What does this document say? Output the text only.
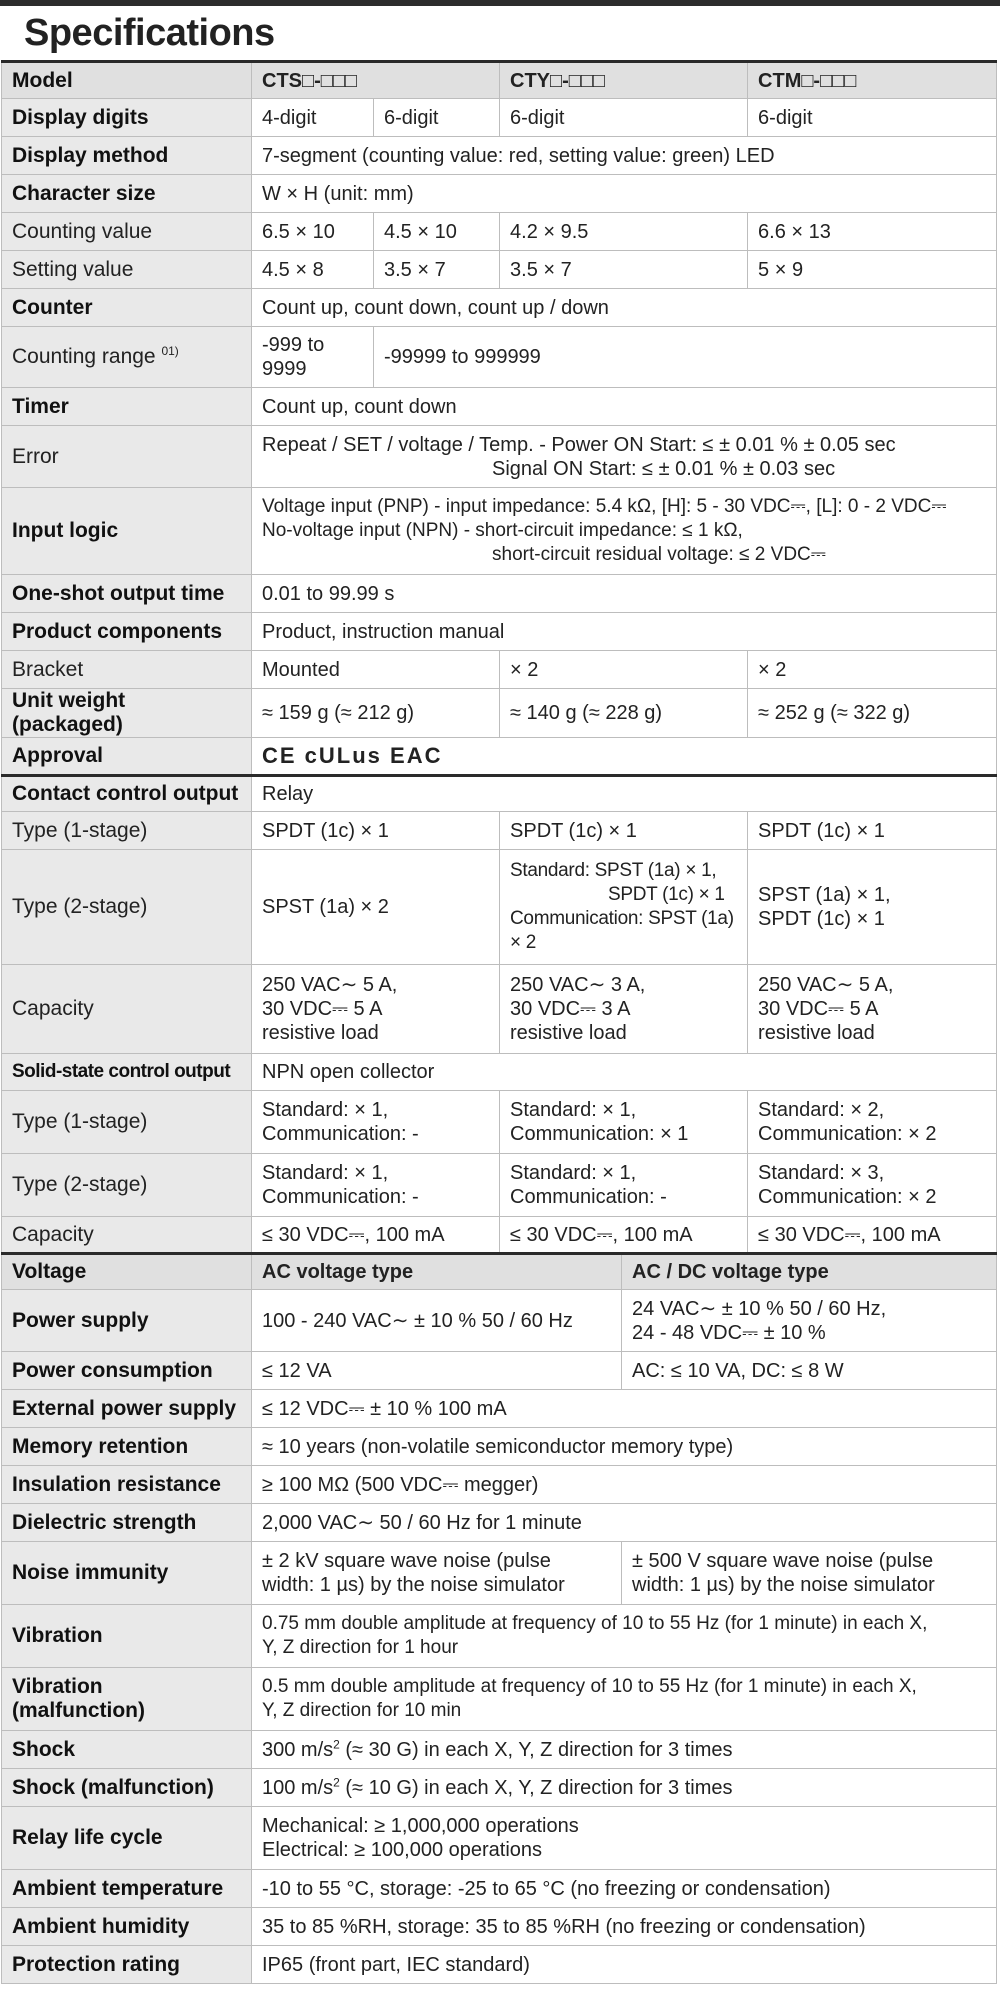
Specifications
Model	CTS□-□□□		CTY□-□□□		CTM□-□□□
Display digits	4-digit	6-digit	6-digit		6-digit
Display method	7-segment (counting value: red, setting value: green) LED				
Character size	W × H (unit: mm)				
Counting value	6.5 × 10	4.5 × 10	4.2 × 9.5		6.6 × 13
Setting value	4.5 × 8	3.5 × 7	3.5 × 7		5 × 9
Counter	Count up, count down, count up / down				
Counting range $^{01)}$	-999 to
9999	-99999 to 999999			
Timer	Count up, count down				
Error	Repeat / SET / voltage / Temp. - Power ON Start: ≤ ± 0.01 % ± 0.05 sec
Signal ON Start: ≤ ± 0.01 % ± 0.03 sec				

Input logic	Voltage input (PNP) - input impedance: 5.4 kΩ, [H]: 5 - 30 VDC⎓, [L]: 0 - 2 VDC⎓
No-voltage input (NPN) - short-circuit impedance: ≤ 1 kΩ,
short-circuit residual voltage: ≤ 2 VDC⎓				

One-shot output time	0.01 to 99.99 s				
Product components	Product, instruction manual				
Bracket	Mounted		× 2		× 2
Unit weight (packaged)	≈ 159 g (≈ 212 g)		≈ 140 g (≈ 228 g)		≈ 252 g (≈ 322 g)
Approval	CE cULus EAC				
Contact control output	Relay				
Type (1-stage)	SPDT (1c) × 1		SPDT (1c) × 1		SPDT (1c) × 1
Type (2-stage)	SPST (1a) × 2		Standard: SPST (1a) × 1,
SPDT (1c) × 1
Communication: SPST (1a)
× 2		SPST (1a) × 1,
SPDT (1c) × 1

Capacity	250 VAC∼ 5 A,
30 VDC⎓ 5 A
resistive load		250 VAC∼ 3 A,
30 VDC⎓ 3 A
resistive load		250 VAC∼ 5 A,
30 VDC⎓ 5 A
resistive load

Solid-state control output	NPN open collector				
Type (1-stage)	Standard: × 1,
Communication: -		Standard: × 1,
Communication: × 1		Standard: × 2,
Communication: × 2

Type (2-stage)	Standard: × 1,
Communication: -		Standard: × 1,
Communication: -		Standard: × 3,
Communication: × 2

Capacity	≤ 30 VDC⎓, 100 mA		≤ 30 VDC⎓, 100 mA		≤ 30 VDC⎓, 100 mA
Voltage	AC voltage type			AC / DC voltage type	
Power supply	100 - 240 VAC∼ ± 10 % 50 / 60 Hz			24 VAC∼ ± 10 % 50 / 60 Hz,
24 - 48 VDC⎓ ± 10 %	

Power consumption	≤ 12 VA			AC: ≤ 10 VA, DC: ≤ 8 W	
External power supply	≤ 12 VDC⎓ ± 10 % 100 mA				
Memory retention	≈ 10 years (non-volatile semiconductor memory type)				
Insulation resistance	≥ 100 MΩ (500 VDC⎓ megger)				
Dielectric strength	2,000 VAC∼ 50 / 60 Hz for 1 minute				
Noise immunity	± 2 kV square wave noise (pulse
width: 1 µs) by the noise simulator			± 500 V square wave noise (pulse
width: 1 µs) by the noise simulator	

Vibration	0.75 mm double amplitude at frequency of 10 to 55 Hz (for 1 minute) in each X,
Y, Z direction for 1 hour				

Vibration
(malfunction)	0.5 mm double amplitude at frequency of 10 to 55 Hz (for 1 minute) in each X,
Y, Z direction for 10 min				

Shock	300 $m/s^2$ (≈ 30 G) in each X, Y, Z direction for 3 times				
Shock (malfunction)	100 $m/s^2$ (≈ 10 G) in each X, Y, Z direction for 3 times				
Relay life cycle	Mechanical: ≥ 1,000,000 operations
Electrical: ≥ 100,000 operations				

Ambient temperature	-10 to 55 °C, storage: -25 to 65 °C (no freezing or condensation)				
Ambient humidity	35 to 85 %RH, storage: 35 to 85 %RH (no freezing or condensation)				
Protection rating	IP65 (front part, IEC standard)				
